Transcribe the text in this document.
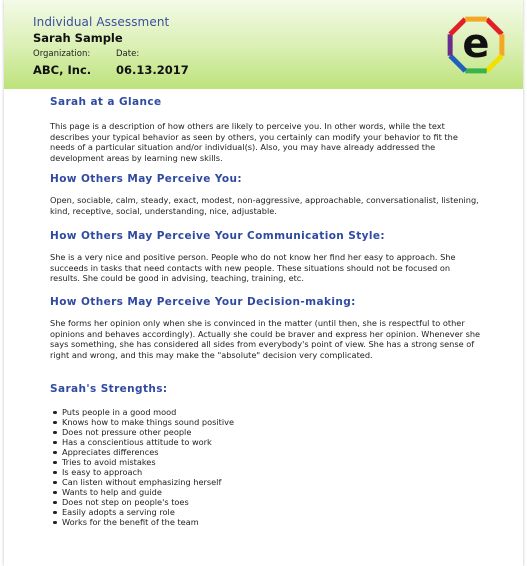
Individual Assessment
Sarah Sample
Organization:	Date:
ABC, Inc. 06.13.2017
e
Sarah at a Glance

This page is a description of how others are likely to perceive you. In other words, while the text describes your typical behavior as seen by others, you certainly can modify your behavior to fit the needs of a particular situation and/or individual(s). Also, you may have already addressed the development areas by learning new skills.

How Others May Perceive You:

Open, sociable, calm, steady, exact, modest, non-aggressive, approachable, conversationalist, listening, kind, receptive, social, understanding, nice, adjustable.

How Others May Perceive Your Communication Style:

She is a very nice and positive person. People who do not know her find her easy to approach. She succeeds in tasks that need contacts with new people. These situations should not be focused on results. She could be good in advising, teaching, training, etc.

How Others May Perceive Your Decision-making:

She forms her opinion only when she is convinced in the matter (until then, she is respectful to other opinions and behaves accordingly). Actually she could be braver and express her opinion. Whenever she says something, she has considered all sides from everybody's point of view. She has a strong sense of right and wrong, and this may make the "absolute" decision very complicated.

Sarah's Strengths:
Puts people in a good mood
Knows how to make things sound positive
Does not pressure other people
Has a conscientious attitude to work
Appreciates differences
Tries to avoid mistakes
Is easy to approach
Can listen without emphasizing herself
Wants to help and guide
Does not step on people's toes
Easily adopts a serving role
Works for the benefit of the team
